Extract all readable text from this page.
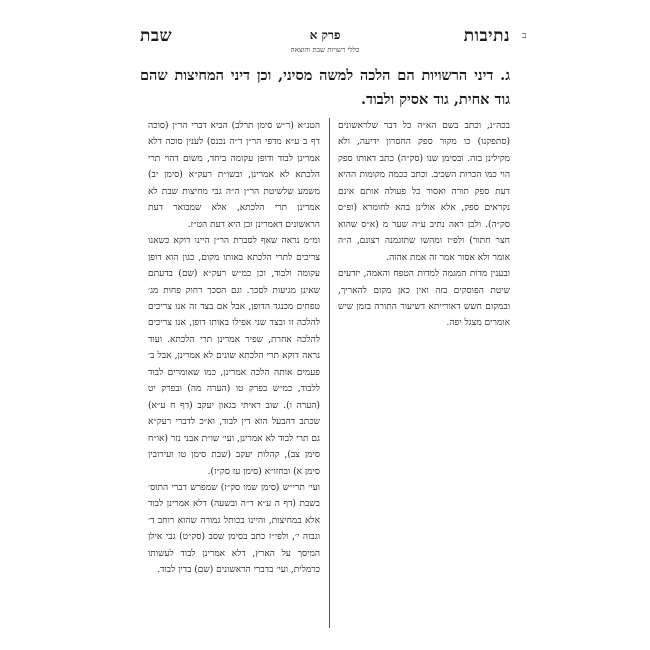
ב
נתיבות
פרק א
כללי רשויות שבת והוצאה
שבת
ג. דיני הרשויות הם הלכה למשה מסיני, וכן דיני המחיצות שהם גוד אחית, גוד אסיק ולבוד.

בכה״נ, וכתב בשם הא״ה כל דבר שלראשונים (סתפקנו) כו מקור ספק החסרון ידיעה, ולא מקילינן בזה. ובסימן שנו (סק״ה) כתב דאותו ספק הוי כמו הכרות השכיב. וכתב ככמה מקומות ההיא דעת ספק תורה ואסור כל פעולה אותם אינם נקראים ספק, אלא אולינן בהא לחומרא (ופ״ס סק״ה). ולכן ראה נתיב ע״ה שער מ (א״ס שהוא חצר חתור) ולפ״ז ומהשו שתוגמנה רצונם, ה״ה אומר ולא אסור אמר זה אמת אהוה.

ובענין מדות המגמה למדות הטפח והאמה, יזדעים שיטת הפוסקים בזה ואין כאן מקום להאריך, ובמקום חשש דאורייתא דשיעור התורה בזמן שיש אומרים מצגל יפה.

הטנ״א (ר״ש סימן תרלב) הביא דברי הר״ן (סוכה דף ב ע״א מדפי הר״ן ד״ה נכנס) לענין סוכה דלא אמרינן לבוד ודופן עקומה ביחד, משום דהוי תרי הלכתא לא אמרינן, ובשו״ת רעק״א (סימן יב) משמע שלשיטת הר״ן ה״ה גבי מחיצות שבת לא אמרינן תרי הלכתא, אלא שמבואר דעת הראשונים דאמרינן וכן היא דעת הט״ז.

ומ״מ נראה שאף לסברת הר״ן היינו דוקא כשאנו צריכים לתרי הלכתא באותו מקום, כגון הוא דופן עקומה ולבוד, וכן כמ״ש רעק״א (שם) בדעתם שאינן מגיעות לסכך. וגם הסכך רחוק פחות מג׳ טפחים מכנגד הדופן, אבל אם בצד זה אנו צריכים להלכה זו ובצד שני אפילו באותו דופן, אנו צריכים להלכה אחרת, שפיר אמרינן תרי הלכתא. ועוד נראה דוקא תרי הלכתא שונים לא אמרינן, אבל ב׳ פעמים אותה הלכה אמרינן, כמו שאומרים לבוד ללבוד, כמ״ש בפרק טו (הערה מה) ובפרק יט (הערה ו). שוב ראיתי בגאון יעקב (דף ח ע״א) שכתב דהבעל הוא דין לבוד, וא״כ לדברי רעק״א גם תרי לבוד לא אמרינן, ועי׳ שו״ת אבני נזר (או״ח סימן צב), קהלות יעקב (שבת סימן טו ועירובין סימן א) ובחזו״א (סימן עז סק״ז).

ועי׳ תרי״ש (סימן שמו סק״ז) שמפרש דברי התוס׳ בשבת (דף ה ע״א ד״ה ובשעה) דלא אמרינן לבוד אלא במחיצות, והיינו בכותל גמורה שהוא רוחב ד׳ וגבוה י׳, ולפי״ז כתב בסימן שסב (סק״ט) גבי אילן המיסך על הארץ, דלא אמרינן לבוד לעשותו כרמלית, ועי׳ בדברי הראשונים (שם) בדין לבוד.
